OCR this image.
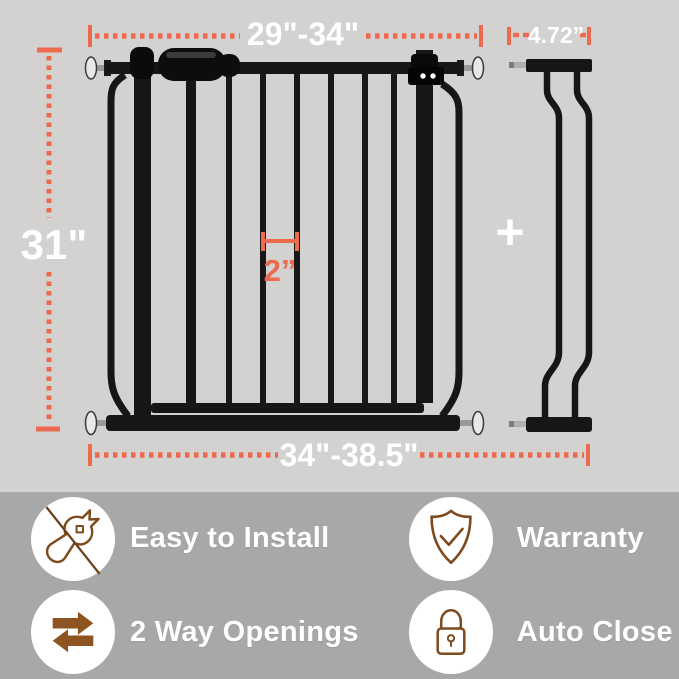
+
29"-34"	4.72”
31"
2”
34"-38.5"
Easy to Install	Warranty
2 Way Openings	Auto Close
